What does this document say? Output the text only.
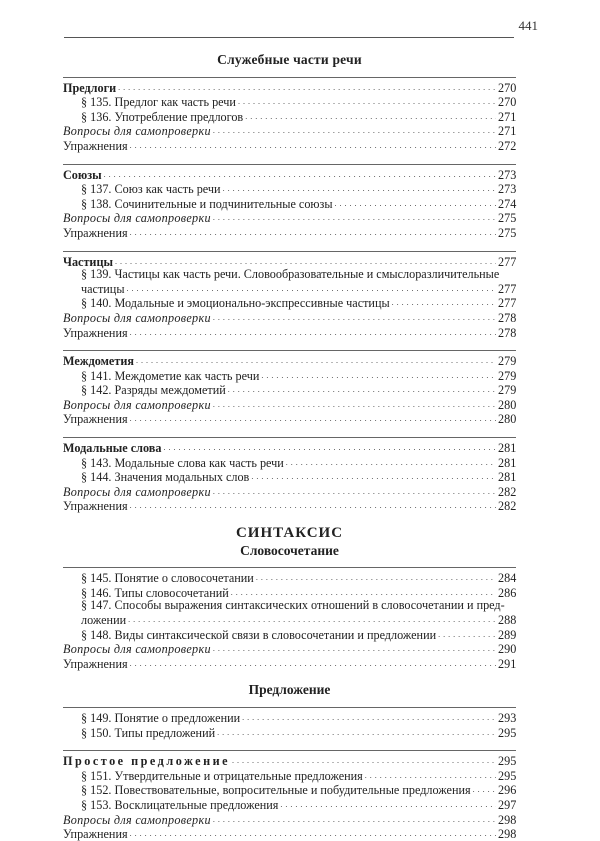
441
Служебные части речи
Предлоги . . .	270
§ 135. Предлог как часть речи . . .	270
§ 136. Употребление предлогов . . .	271
Вопросы для самопроверки . . .	271
Упражнения . . .	272
Союзы . . .	273
§ 137. Союз как часть речи . . .	273
§ 138. Сочинительные и подчинительные союзы . . .	274
Вопросы для самопроверки . . .	275
Упражнения . . .	275
Частицы . . .	277
§ 139. Частицы как часть речи. Словообразовательные и смыслоразличительные
частицы . . .	277
§ 140. Модальные и эмоционально-экспрессивные частицы . . .	277
Вопросы для самопроверки . . .	278
Упражнения . . .	278
Междометия . . .	279
§ 141. Междометие как часть речи . . .	279
§ 142. Разряды междометий . . .	279
Вопросы для самопроверки . . .	280
Упражнения . . .	280
Модальные слова . . .	281
§ 143. Модальные слова как часть речи . . .	281
§ 144. Значения модальных слов . . .	281
Вопросы для самопроверки . . .	282
Упражнения . . .	282
СИНТАКСИС
Словосочетание
§ 145. Понятие о словосочетании . . .	284
§ 146. Типы словосочетаний . . .	286
§ 147. Способы выражения синтаксических отношений в словосочетании и пред-
ложении . . .	288
§ 148. Виды синтаксической связи в словосочетании и предложении . . .	289
Вопросы для самопроверки . . .	290
Упражнения . . .	291
Предложение
§ 149. Понятие о предложении . . .	293
§ 150. Типы предложений . . .	295
Простое предложение . . .	295
§ 151. Утвердительные и отрицательные предложения . . .	295
§ 152. Повествовательные, вопросительные и побудительные предложения . . . 296
§ 153. Восклицательные предложения . . .	297
Вопросы для самопроверки . . .	298
Упражнения . . .	298
